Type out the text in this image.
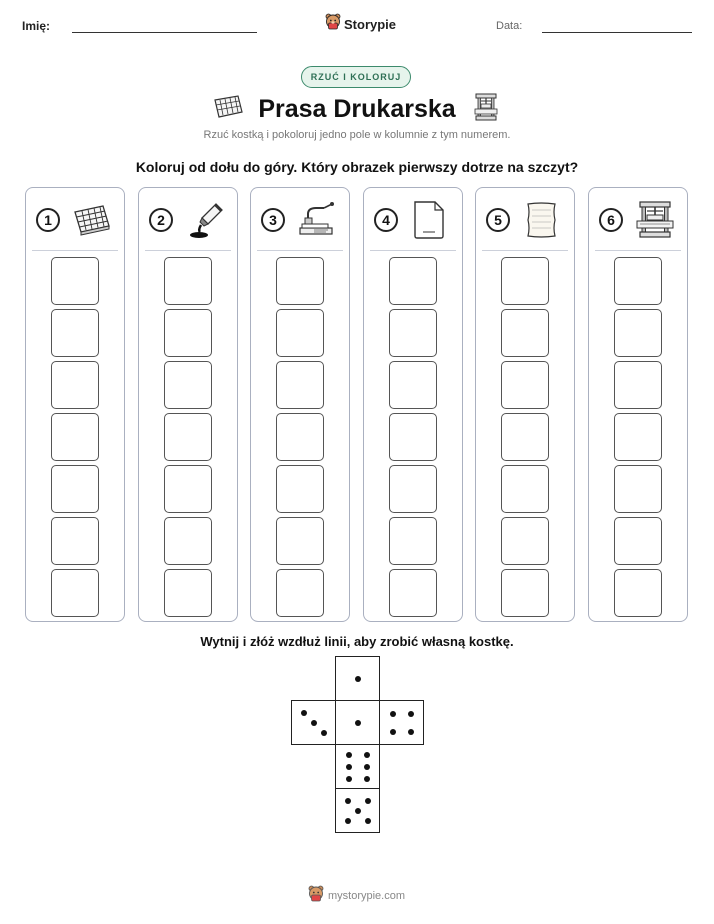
Imię:	Storypie	Data:
RZUĆ I KOLORUJ
Prasa Drukarska
Rzuć kostką i pokoloruj jedno pole w kolumnie z tym numerem.
Koloruj od dołu do góry. Który obrazek pierwszy dotrze na szczyt?
1	2	3	4	5	6
Wytnij i złóż wzdłuż linii, aby zrobić własną kostkę.
mystorypie.com
